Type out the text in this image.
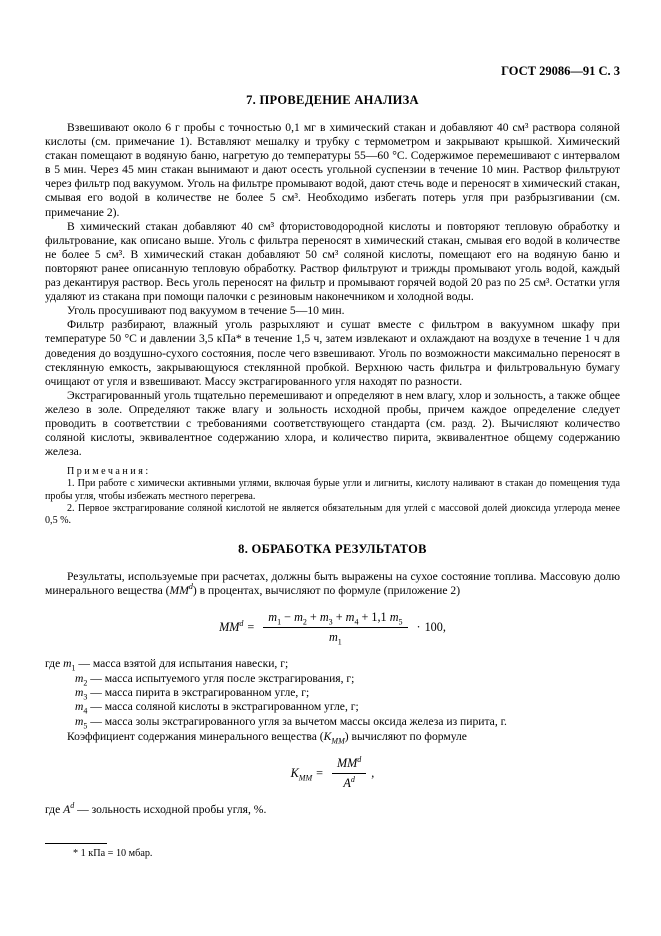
ГОСТ 29086—91 С. 3
7. ПРОВЕДЕНИЕ АНАЛИЗА

Взвешивают около 6 г пробы с точностью 0,1 мг в химический стакан и добавляют 40 см³ раствора соляной кислоты (см. примечание 1). Вставляют мешалку и трубку с термометром и закрывают крышкой. Химический стакан помещают в водяную баню, нагретую до температуры 55—60 °С. Содержимое перемешивают с интервалом в 5 мин. Через 45 мин стакан вынимают и дают осесть угольной суспензии в течение 10 мин. Раствор фильтруют через фильтр под вакуумом. Уголь на фильтре промывают водой, дают стечь воде и переносят в химический стакан, смывая его водой в количестве не более 5 см³. Необходимо избегать потерь угля при разбрызгивании (см. примечание 2).

В химический стакан добавляют 40 см³ фтористоводородной кислоты и повторяют тепловую обработку и фильтрование, как описано выше. Уголь с фильтра переносят в химический стакан, смывая его водой в количестве не более 5 см³. В химический стакан добавляют 50 см³ соляной кислоты, помещают его на водяную баню и повторяют ранее описанную тепловую обработку. Раствор фильтруют и трижды промывают уголь водой, каждый раз декантируя раствор. Весь уголь переносят на фильтр и промывают горячей водой 20 раз по 25 см³. Остатки угля удаляют из стакана при помощи палочки с резиновым наконечником и холодной воды.

Уголь просушивают под вакуумом в течение 5—10 мин.

Фильтр разбирают, влажный уголь разрыхляют и сушат вместе с фильтром в вакуумном шкафу при температуре 50 °С и давлении 3,5 кПа* в течение 1,5 ч, затем извлекают и охлаждают на воздухе в течение 1 ч для доведения до воздушно-сухого состояния, после чего взвешивают. Уголь по возможности максимально переносят в стеклянную емкость, закрывающуюся стеклянной пробкой. Верхнюю часть фильтра и фильтровальную бумагу очищают от угля и взвешивают. Массу экстрагированного угля находят по разности.

Экстрагированный уголь тщательно перемешивают и определяют в нем влагу, хлор и зольность, а также общее железо в золе. Определяют также влагу и зольность исходной пробы, причем каждое определение следует проводить в соответствии с требованиями соответствующего стандарта (см. разд. 2). Вычисляют количество соляной кислоты, эквивалентное содержанию хлора, и количество пирита, эквивалентное общему содержанию железа.

Примечания:
1. При работе с химически активными углями, включая бурые угли и лигниты, кислоту наливают в стакан до помещения туда пробы угля, чтобы избежать местного перегрева.
2. Первое экстрагирование соляной кислотой не является обязательным для углей с массовой долей диоксида углерода менее 0,5 %.
8. ОБРАБОТКА РЕЗУЛЬТАТОВ

Результаты, используемые при расчетах, должны быть выражены на сухое состояние топлива. Массовую долю минерального вещества $(ММ^d)$ в процентах, вычисляют по формуле (приложение 2)

$ММ^d = \frac{m_1 - m_2 + m_3 + m_4 + 1,1 m_5}{m_1} \cdot 100$,
где $m_1$ — масса взятой для испытания навески, г;
$m_2$ — масса испытуемого угля после экстрагирования, г;
$m_3$ — масса пирита в экстрагированном угле, г;
$m_4$ — масса соляной кислоты в экстрагированном угле, г;
$m_5$ — масса золы экстрагированного угля за вычетом массы оксида железа из пирита, г.

Коэффициент содержания минерального вещества $(K_{ММ})$ вычисляют по формуле

$K_{ММ} = \frac{ММ^d}{A^d}$ ,

где $A^d$ — зольность исходной пробы угля, %.

* 1 кПа = 10 мбар.
